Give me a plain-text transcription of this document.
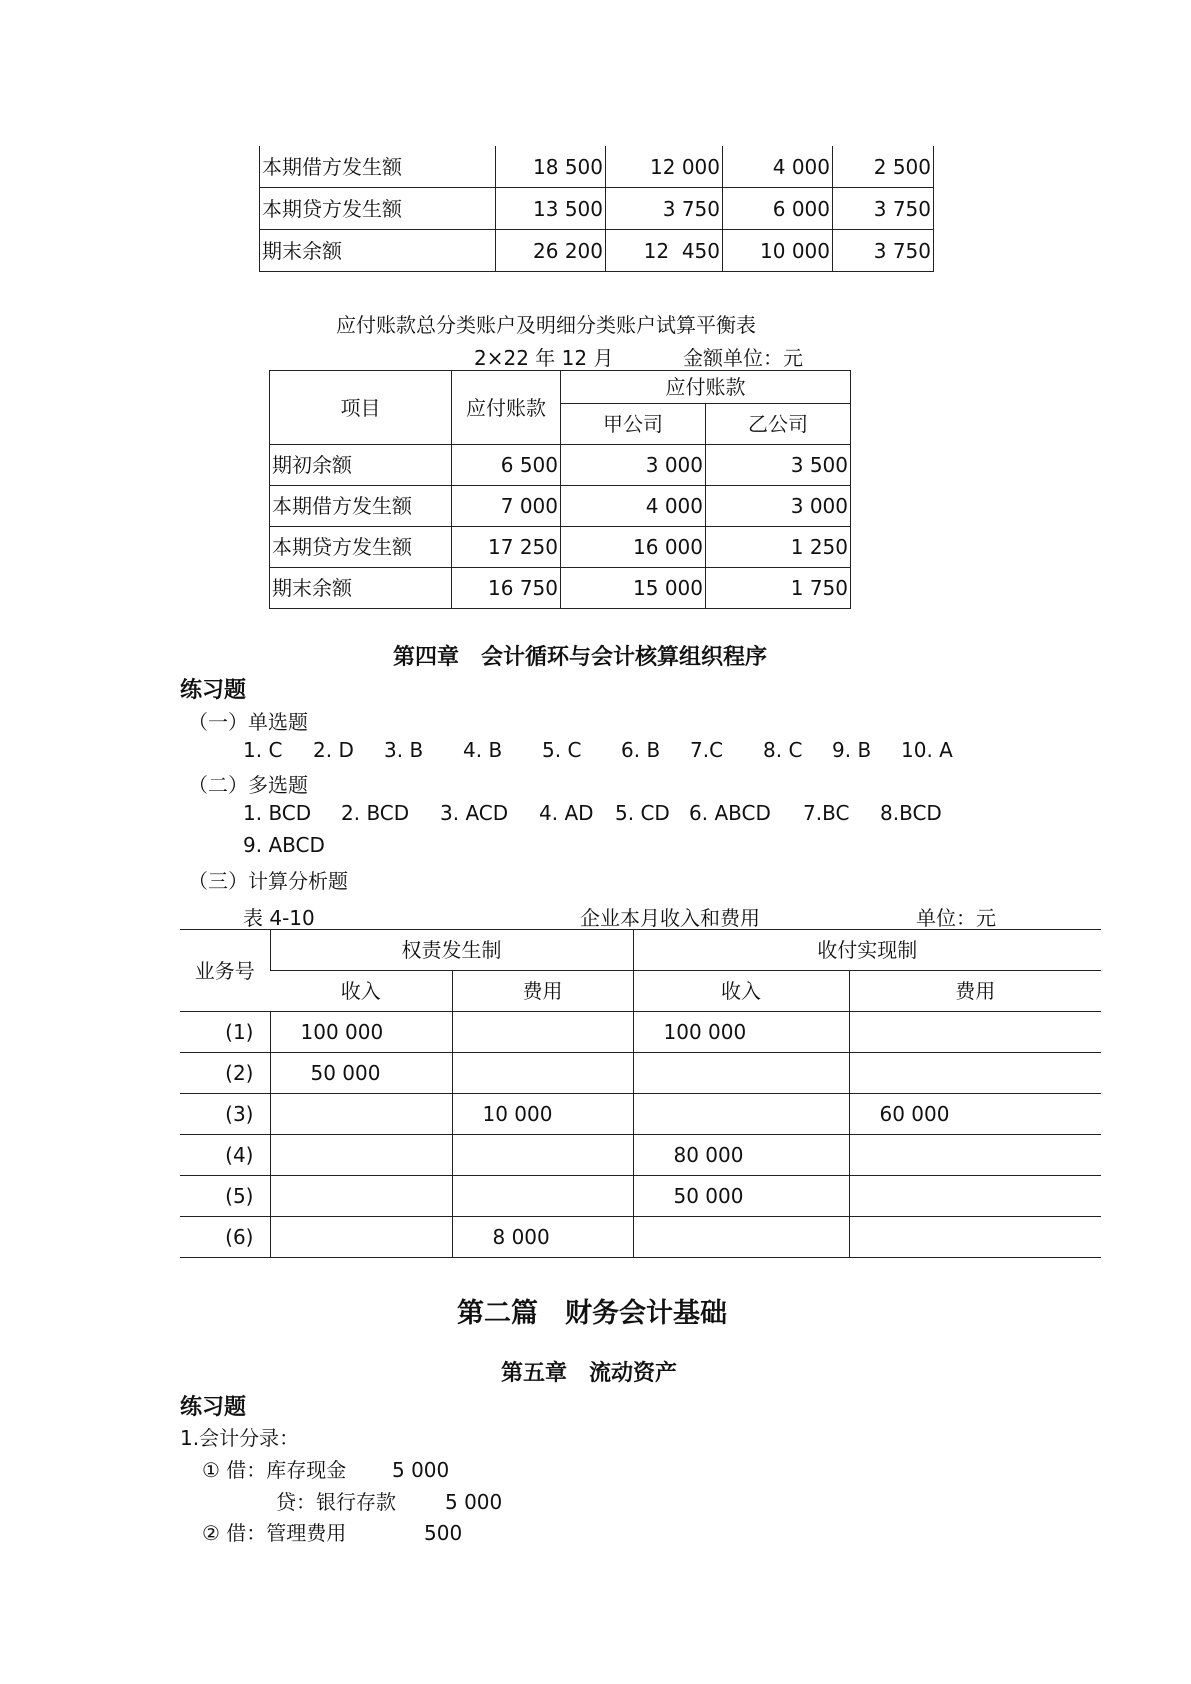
本期借方发生额	18 500	12 000	4 000	2 500
本期贷方发生额	13 500	3 750	6 000	3 750
期末余额	26 200	12  450	10 000	3 750
应付账款总分类账户及明细分类账户试算平衡表
2×22 年 12 月	金额单位：元
项目	应付账款	应付账款	
		甲公司	乙公司
期初余额	6 500	3 000	3 500
本期借方发生额	7 000	4 000	3 000
本期贷方发生额	17 250	16 000	1 250
期末余额	16 750	15 000	1 750
第四章　会计循环与会计核算组织程序
练习题
（一）单选题
1. C 2. D 3. B 4. B 5. C 6. B 7.C 8. C 9. B 10. A
（二）多选题
1. BCD 2. BCD 3. ACD 4. AD 5. CD 6. ABCD 7.BC 8.BCD
9. ABCD
（三）计算分析题
表 4-10	企业本月收入和费用	单位：元
业务号	权责发生制		收付实现制	
	收入	费用	收入	费用
(1)	100 000		100 000	
(2)	50 000			
(3)		10 000		60 000
(4)			80 000	
(5)			50 000	
(6)		8 000		
第二篇　财务会计基础
第五章　流动资产
练习题
1.会计分录：
① 借：库存现金 5 000
贷：银行存款 5 000
② 借：管理费用	500
